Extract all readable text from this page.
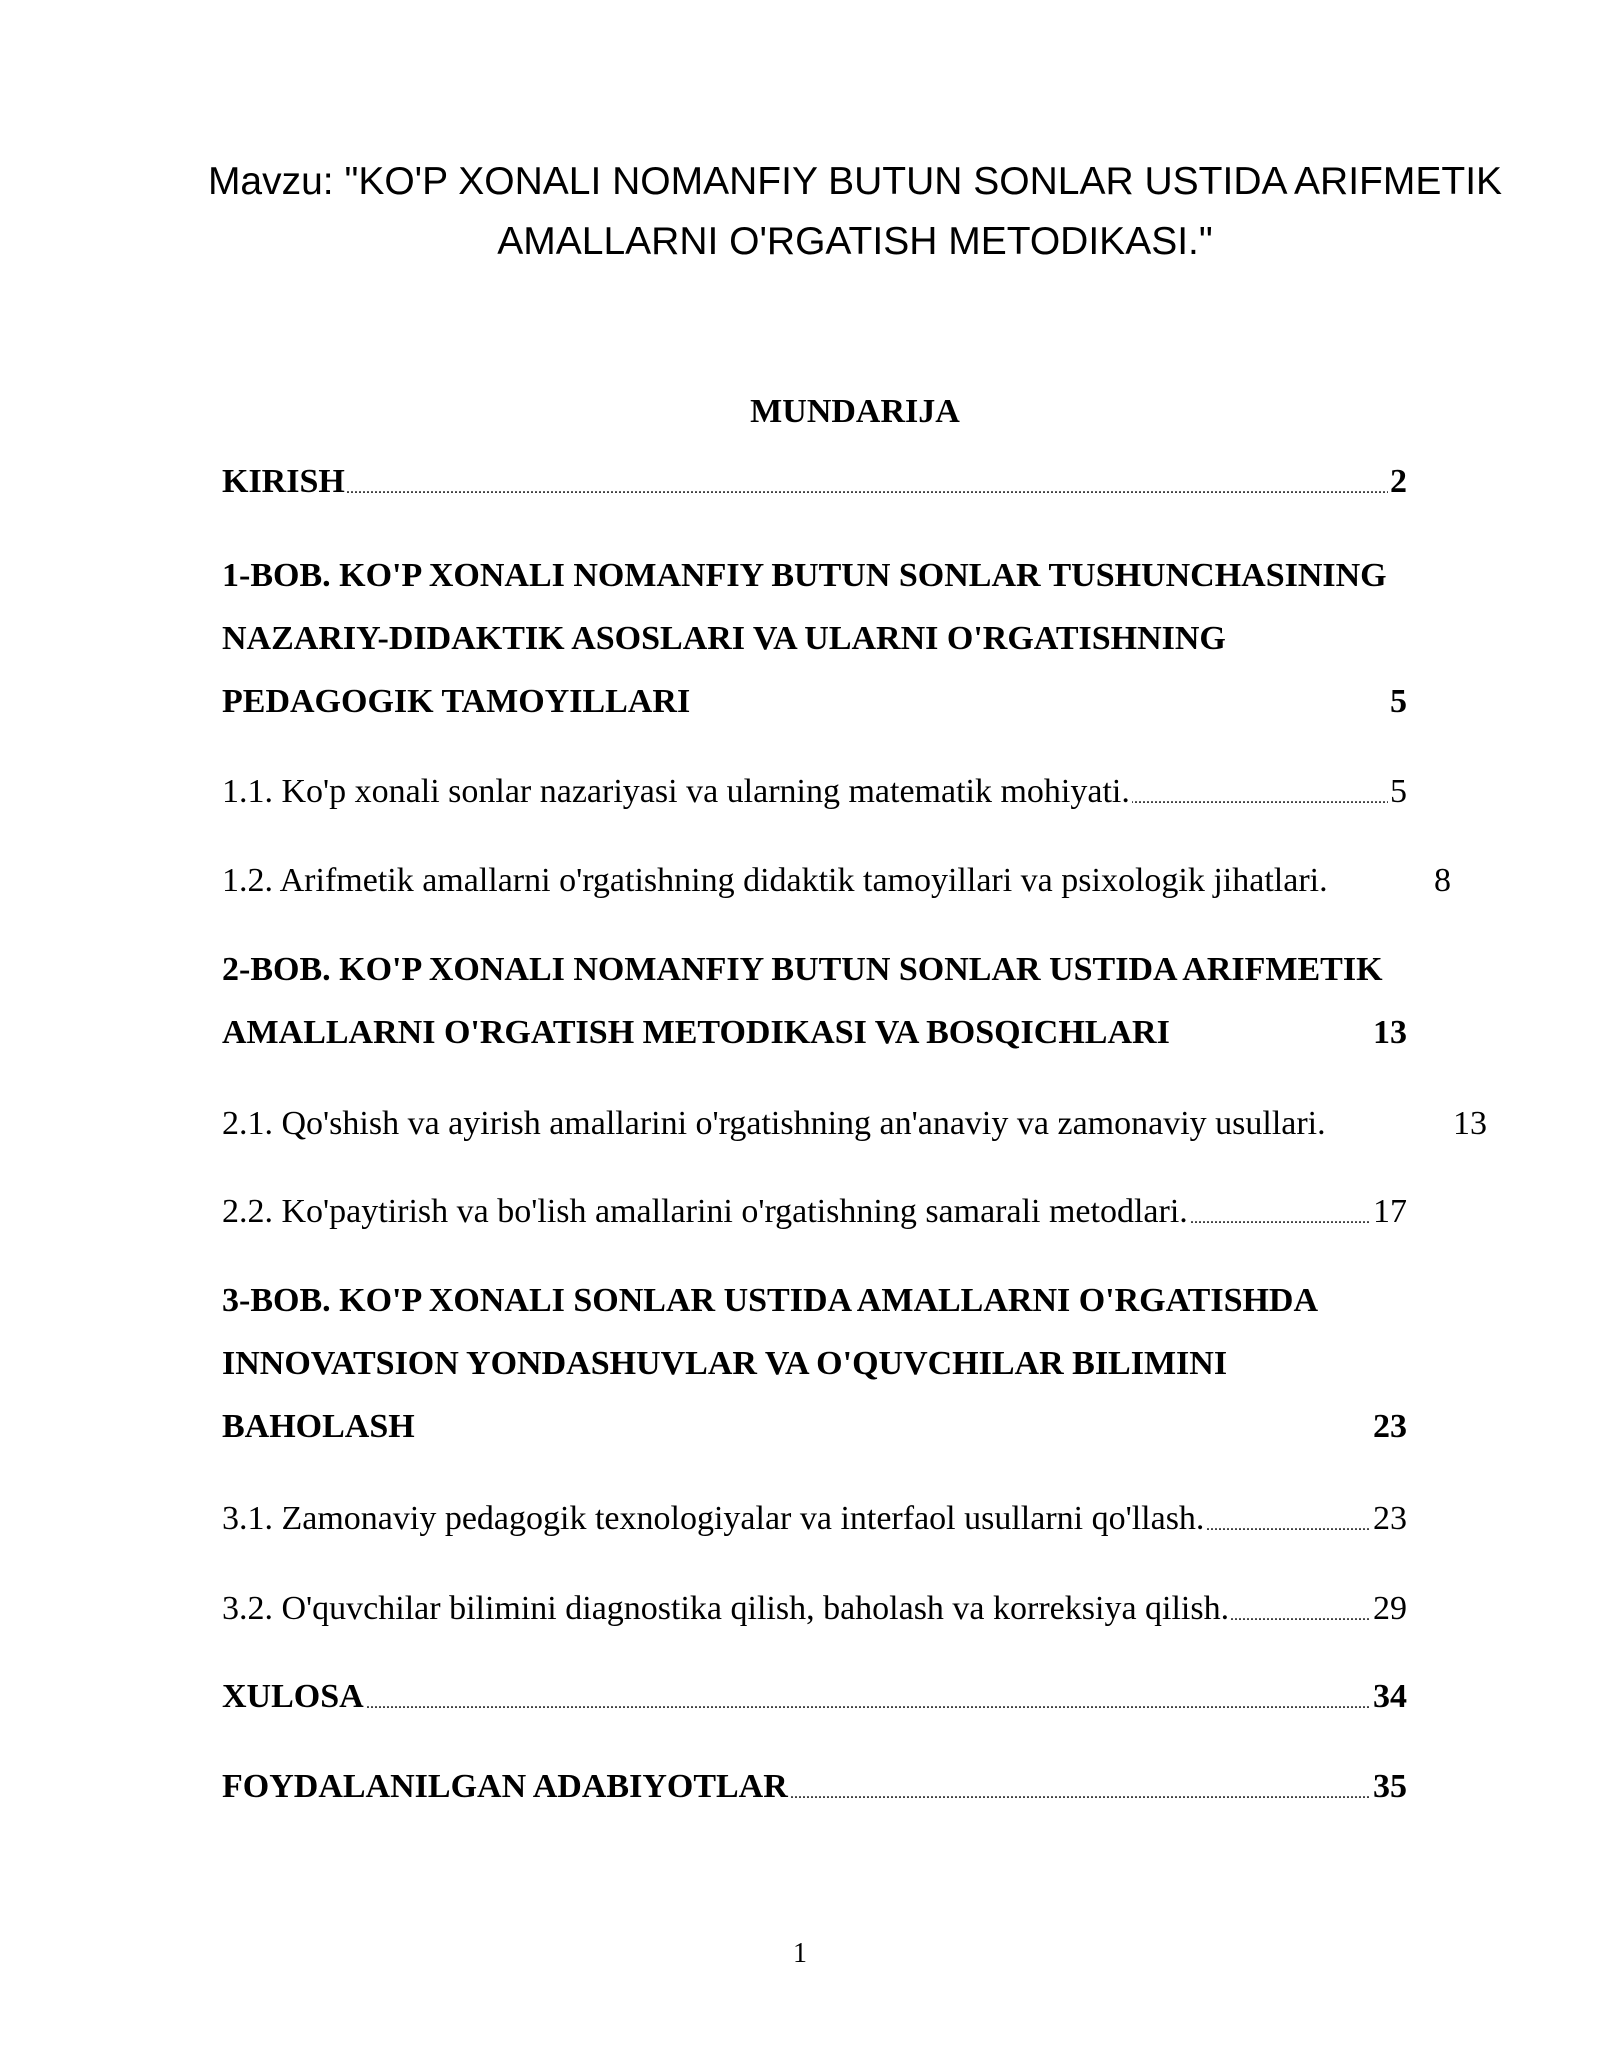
Mavzu: "KO'P XONALI NOMANFIY BUTUN SONLAR USTIDA ARIFMETIK AMALLARNI O'RGATISH METODIKASI."
MUNDARIJA
.....
KIRISH	2
1-BOB. KO'P XONALI NOMANFIY BUTUN SONLAR TUSHUNCHASINING NAZARIY-DIDAKTIK ASOSLARI VA ULARNI O'RGATISHNING PEDAGOGIK TAMOYILLARI	5
.....
1.1. Ko'p xonali sonlar nazariyasi va ularning matematik mohiyati.	5
1.2. Arifmetik amallarni o'rgatishning didaktik tamoyillari va psixologik jihatlari.	8
2-BOB. KO'P XONALI NOMANFIY BUTUN SONLAR USTIDA ARIFMETIK AMALLARNI O'RGATISH METODIKASI VA BOSQICHLARI	13
2.1. Qo'shish va ayirish amallarini o'rgatishning an'anaviy va zamonaviy usullari.	13
.....
2.2. Ko'paytirish va bo'lish amallarini o'rgatishning samarali metodlari.	17
3-BOB. KO'P XONALI SONLAR USTIDA AMALLARNI O'RGATISHDA INNOVATSION YONDASHUVLAR VA O'QUVCHILAR BILIMINI BAHOLASH	23
.....
3.1. Zamonaviy pedagogik texnologiyalar va interfaol usullarni qo'llash.	23
.....
3.2. O'quvchilar bilimini diagnostika qilish, baholash va korreksiya qilish.	29
.....
XULOSA	34
.....
FOYDALANILGAN ADABIYOTLAR	35

1
